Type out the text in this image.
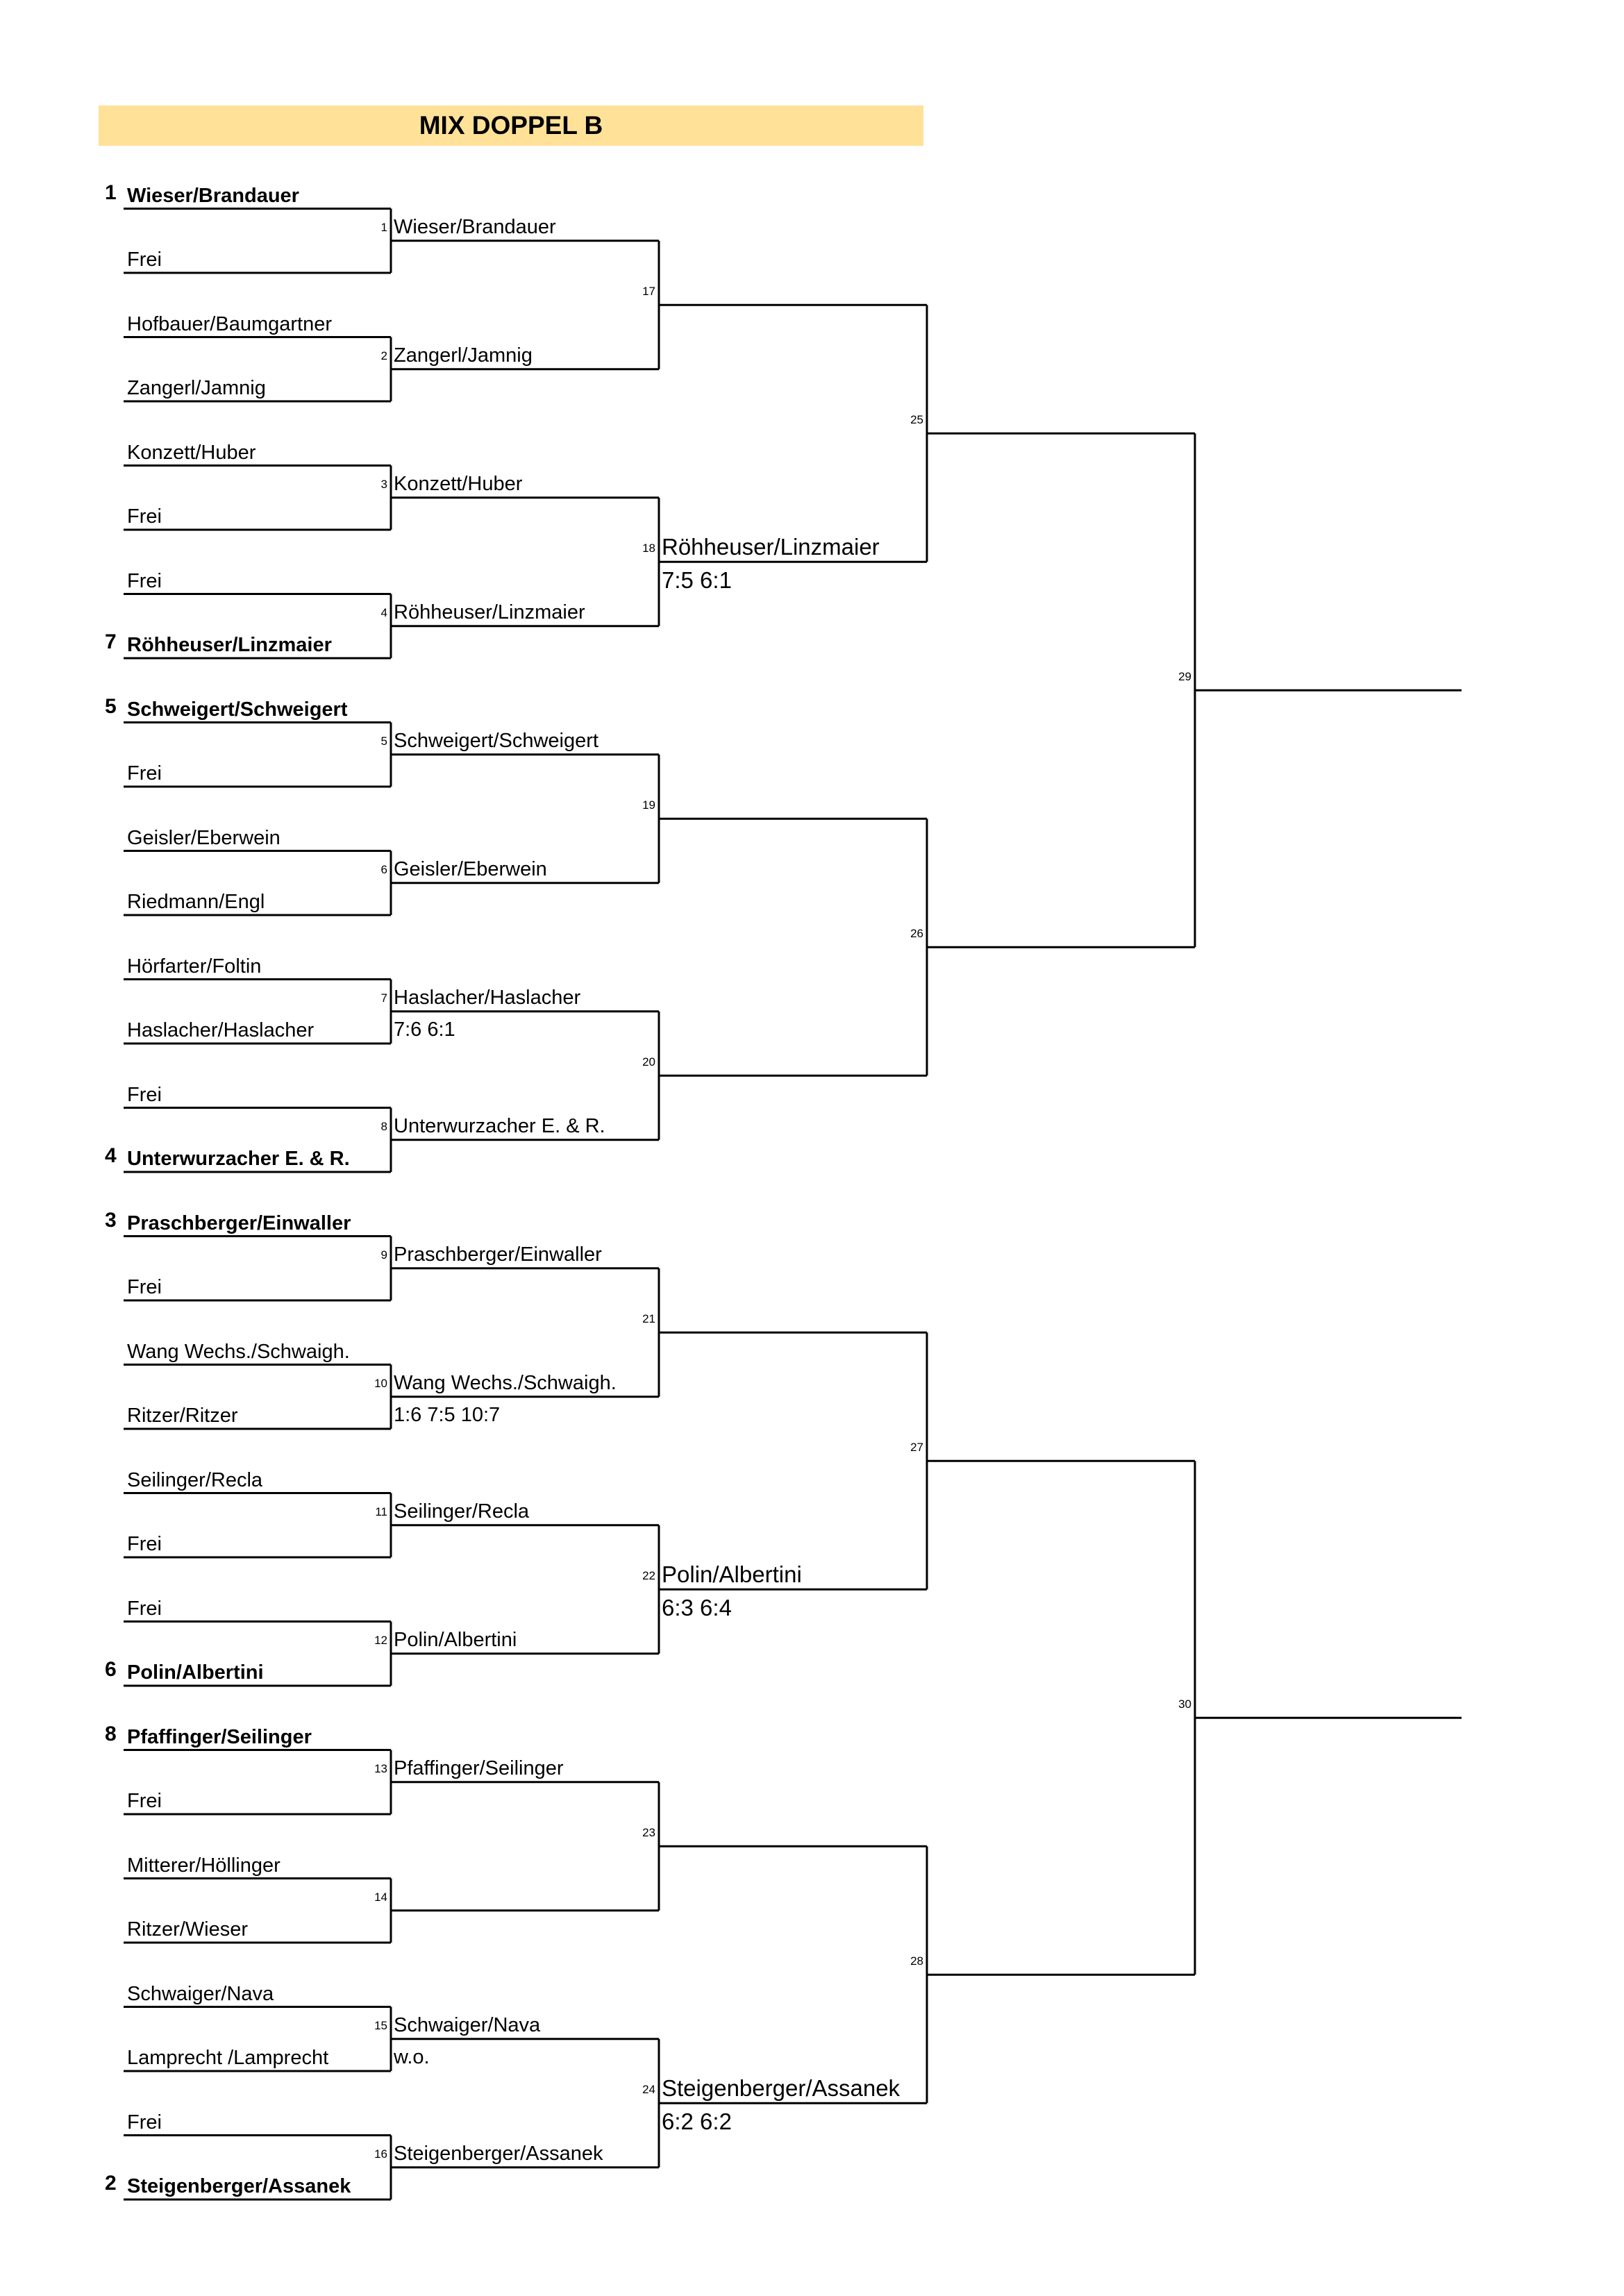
MIX DOPPEL B
1 Wieser/Brandauer
Frei
Hofbauer/Baumgartner
Zangerl/Jamnig
Konzett/Huber
Frei
Frei
7 Röhheuser/Linzmaier
5 Schweigert/Schweigert
Frei
Geisler/Eberwein
Riedmann/Engl
Hörfarter/Foltin
Haslacher/Haslacher
Frei
4 Unterwurzacher E. & R.
3 Praschberger/Einwaller
Frei
Wang Wechs./Schwaigh.
Ritzer/Ritzer
Seilinger/Recla
Frei
Frei
6 Polin/Albertini
8 Pfaffinger/Seilinger
Frei
Mitterer/Höllinger
Ritzer/Wieser
Schwaiger/Nava
Lamprecht /Lamprecht
Frei
2 Steigenberger/Assanek
1 Wieser/Brandauer
2 Zangerl/Jamnig
3 Konzett/Huber
4 Röhheuser/Linzmaier
5 Schweigert/Schweigert
6 Geisler/Eberwein
7 Haslacher/Haslacher
7:6 6:1
8 Unterwurzacher E. & R.
9 Praschberger/Einwaller
10 Wang Wechs./Schwaigh.
1:6 7:5 10:7
11 Seilinger/Recla
12 Polin/Albertini
13 Pfaffinger/Seilinger
14
15 Schwaiger/Nava
w.o.
16 Steigenberger/Assanek
17
18 Röhheuser/Linzmaier
7:5 6:1
19
20
21
22 Polin/Albertini
6:3 6:4
23
24 Steigenberger/Assanek
6:2 6:2
25
26
27
28
29
30
